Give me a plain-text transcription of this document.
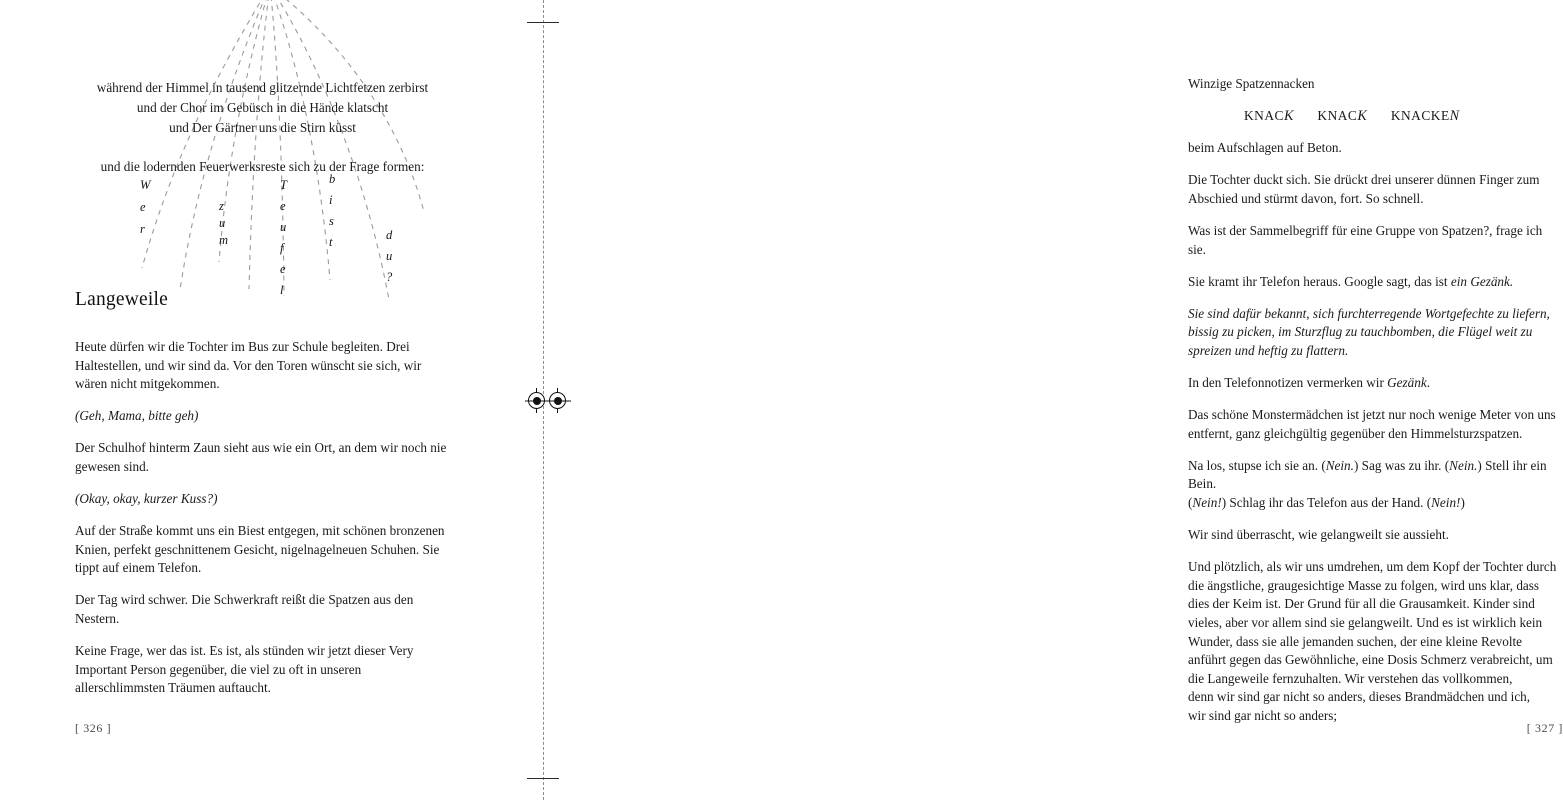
während der Himmel in tausend glitzernde Lichtfetzen zerbirst
und der Chor im Gebüsch in die Hände klatscht
und Der Gärtner uns die Stirn küsst
und die lodernden Feuerwerksreste sich zu der Frage formen:
W
e
r
z
u
m
T
e
u
f
e
l
b
i
s
t	d
u
?
Langeweile

Heute dürfen wir die Tochter im Bus zur Schule begleiten. Drei Haltestellen, und wir sind da. Vor den Toren wünscht sie sich, wir wären nicht mitgekommen.

(Geh, Mama, bitte geh)

Der Schulhof hinterm Zaun sieht aus wie ein Ort, an dem wir noch nie gewesen sind.

(Okay, okay, kurzer Kuss?)

Auf der Straße kommt uns ein Biest entgegen, mit schönen bronzenen Knien, perfekt geschnittenem Gesicht, nigelnagelneuen Schuhen. Sie tippt auf einem Telefon.

Der Tag wird schwer. Die Schwerkraft reißt die Spatzen aus den Nestern.

Keine Frage, wer das ist. Es ist, als stünden wir jetzt dieser Very Important Person gegenüber, die viel zu oft in unseren allerschlimmsten Träumen auftaucht.

[ 326 ]

Winzige Spatzennacken

KNACK KNACK KNACKEN

beim Aufschlagen auf Beton.

Die Tochter duckt sich. Sie drückt drei unserer dünnen Finger zum Abschied und stürmt davon, fort. So schnell.

Was ist der Sammelbegriff für eine Gruppe von Spatzen?, frage ich sie.

Sie kramt ihr Telefon heraus. Google sagt, das ist ein Gezänk.

Sie sind dafür bekannt, sich furchterregende Wortgefechte zu liefern, bissig zu picken, im Sturzflug zu tauchbomben, die Flügel weit zu spreizen und heftig zu flattern.

In den Telefonnotizen vermerken wir Gezänk.

Das schöne Monstermädchen ist jetzt nur noch wenige Meter von uns entfernt, ganz gleichgültig gegenüber den Himmelsturzspatzen.

Na los, stupse ich sie an. (Nein.) Sag was zu ihr. (Nein.) Stell ihr ein Bein.
(Nein!) Schlag ihr das Telefon aus der Hand. (Nein!)

Wir sind überrascht, wie gelangweilt sie aussieht.

Und plötzlich, als wir uns umdrehen, um dem Kopf der Tochter durch die ängstliche, graugesichtige Masse zu folgen, wird uns klar, dass dies der Keim ist. Der Grund für all die Grausamkeit. Kinder sind vieles, aber vor allem sind sie gelangweilt. Und es ist wirklich kein Wunder, dass sie alle jemanden suchen, der eine kleine Revolte anführt gegen das Gewöhnliche, eine Dosis Schmerz verabreicht, um die Langeweile fernzuhalten. Wir verstehen das vollkommen,
denn wir sind gar nicht so anders, dieses Brandmädchen und ich,
wir sind gar nicht so anders;

[ 327 ]
